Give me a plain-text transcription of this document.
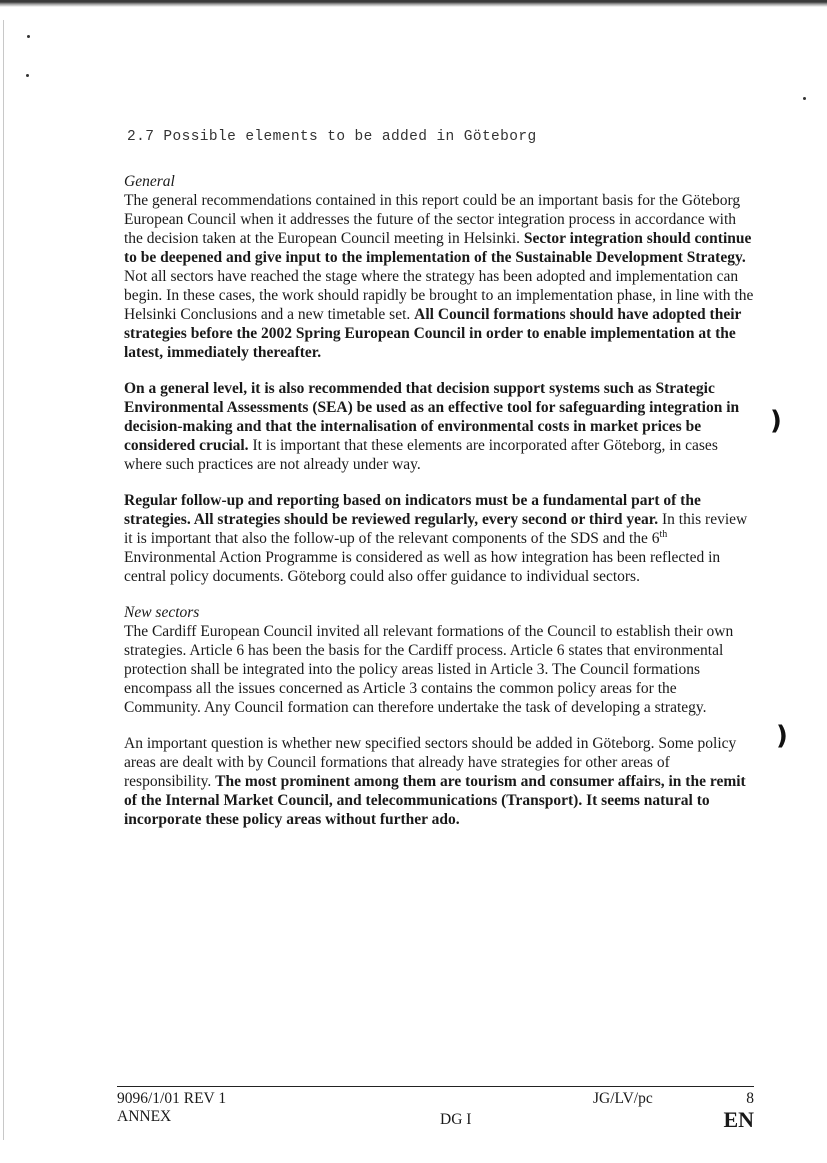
)
)
2.7 Possible elements to be added in Göteborg

General

The general recommendations contained in this report could be an important basis for the Göteborg European Council when it addresses the future of the sector integration process in accordance with the decision taken at the European Council meeting in Helsinki. Sector integration should continue to be deepened and give input to the implementation of the Sustainable Development Strategy. Not all sectors have reached the stage where the strategy has been adopted and implementation can begin. In these cases, the work should rapidly be brought to an implementation phase, in line with the Helsinki Conclusions and a new timetable set. All Council formations should have adopted their strategies before the 2002 Spring European Council in order to enable implementation at the latest, immediately thereafter.

On a general level, it is also recommended that decision support systems such as Strategic Environmental Assessments (SEA) be used as an effective tool for safeguarding integration in decision-making and that the internalisation of environmental costs in market prices be considered crucial. It is important that these elements are incorporated after Göteborg, in cases where such practices are not already under way.

Regular follow-up and reporting based on indicators must be a fundamental part of the strategies. All strategies should be reviewed regularly, every second or third year. In this review it is important that also the follow-up of the relevant components of the SDS and the 6th Environmental Action Programme is considered as well as how integration has been reflected in central policy documents. Göteborg could also offer guidance to individual sectors.

New sectors

The Cardiff European Council invited all relevant formations of the Council to establish their own strategies. Article 6 has been the basis for the Cardiff process. Article 6 states that environmental protection shall be integrated into the policy areas listed in Article 3. The Council formations encompass all the issues concerned as Article 3 contains the common policy areas for the Community. Any Council formation can therefore undertake the task of developing a strategy.

An important question is whether new specified sectors should be added in Göteborg. Some policy areas are dealt with by Council formations that already have strategies for other areas of responsibility. The most prominent among them are tourism and consumer affairs, in the remit of the Internal Market Council, and telecommunications (Transport). It seems natural to incorporate these policy areas without further ado.

9096/1/01 REV 1
ANNEX	DG I
JG/LV/pc	8
EN
